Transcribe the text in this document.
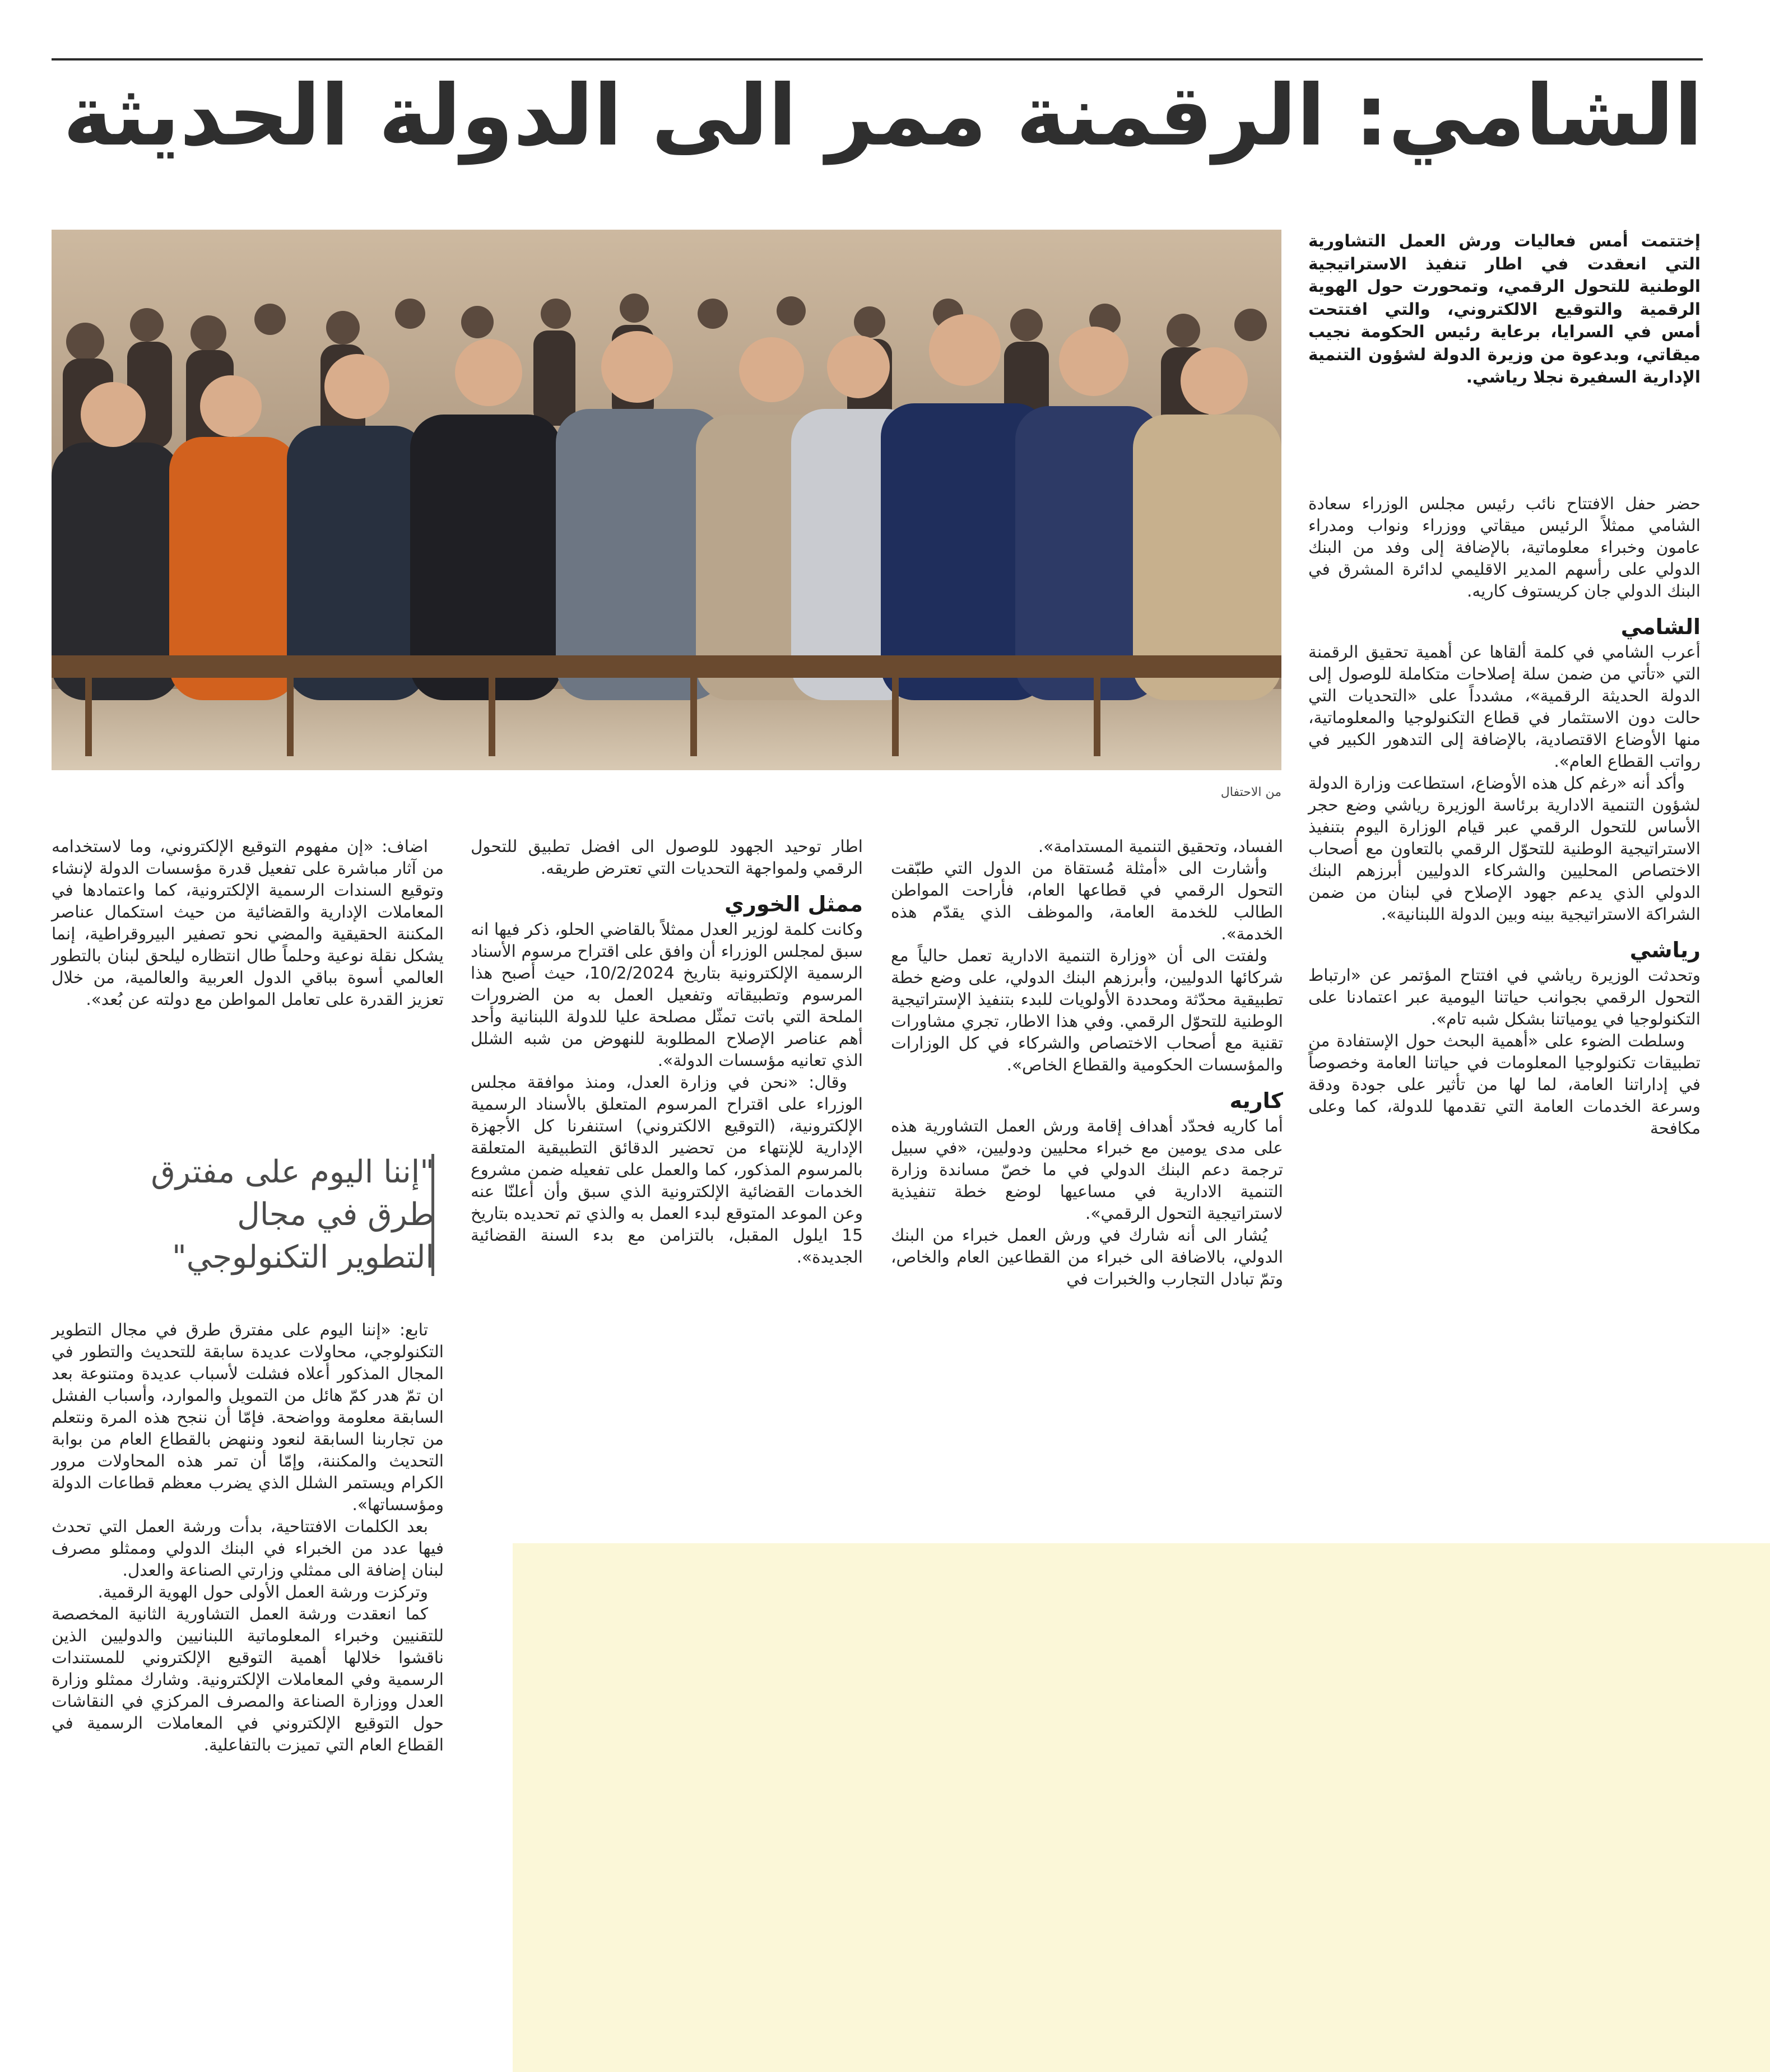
الشامي: الرقمنة ممر الى الدولة الحديثة
من الاحتفال

إختتمت أمس فعاليات ورش العمل التشاورية التي انعقدت في اطار تنفيذ الاستراتيجية الوطنية للتحول الرقمي، وتمحورت حول الهوية الرقمية والتوقيع الالكتروني، والتي افتتحت أمس في السرايا، برعاية رئيس الحكومة نجيب ميقاتي، وبدعوة من وزيرة الدولة لشؤون التنمية الإدارية السفيرة نجلا رياشي.

حضر حفل الافتتاح نائب رئيس مجلس الوزراء سعادة الشامي ممثلاً الرئيس ميقاتي ووزراء ونواب ومدراء عامون وخبراء معلوماتية، بالإضافة إلى وفد من البنك الدولي على رأسهم المدير الاقليمي لدائرة المشرق في البنك الدولي جان كريستوف كاريه.

الشامي

أعرب الشامي في كلمة ألقاها عن أهمية تحقيق الرقمنة التي «تأتي من ضمن سلة إصلاحات متكاملة للوصول إلى الدولة الحديثة الرقمية»، مشدداً على «التحديات التي حالت دون الاستثمار في قطاع التكنولوجيا والمعلوماتية، منها الأوضاع الاقتصادية، بالإضافة إلى التدهور الكبير في رواتب القطاع العام».

وأكد أنه «رغم كل هذه الأوضاع، استطاعت وزارة الدولة لشؤون التنمية الادارية برئاسة الوزيرة رياشي وضع حجر الأساس للتحول الرقمي عبر قيام الوزارة اليوم بتنفيذ الاستراتيجية الوطنية للتحوّل الرقمي بالتعاون مع أصحاب الاختصاص المحليين والشركاء الدوليين أبرزهم البنك الدولي الذي يدعم جهود الإصلاح في لبنان من ضمن الشراكة الاستراتيجية بينه وبين الدولة اللبنانية».

رياشي

وتحدثت الوزيرة رياشي في افتتاح المؤتمر عن «ارتباط التحول الرقمي بجوانب حياتنا اليومية عبر اعتمادنا على التكنولوجيا في يومياتنا بشكل شبه تام».

وسلطت الضوء على «أهمية البحث حول الإستفادة من تطبيقات تكنولوجيا المعلومات في حياتنا العامة وخصوصاً في إداراتنا العامة، لما لها من تأثير على جودة ودقة وسرعة الخدمات العامة التي تقدمها للدولة، كما وعلى مكافحة

الفساد، وتحقيق التنمية المستدامة».

وأشارت الى «أمثلة مُستقاة من الدول التي طبّقت التحول الرقمي في قطاعها العام، فأراحت المواطن الطالب للخدمة العامة، والموظف الذي يقدّم هذه الخدمة».

ولفتت الى أن «وزارة التنمية الادارية تعمل حالياً مع شركائها الدوليين، وأبرزهم البنك الدولي، على وضع خطة تطبيقية محدّثة ومحددة الأولويات للبدء بتنفيذ الإستراتيجية الوطنية للتحوّل الرقمي. وفي هذا الاطار، تجري مشاورات تقنية مع أصحاب الاختصاص والشركاء في كل الوزارات والمؤسسات الحكومية والقطاع الخاص».

كاريه

أما كاريه فحدّد أهداف إقامة ورش العمل التشاورية هذه على مدى يومين مع خبراء محليين ودوليين، «في سبيل ترجمة دعم البنك الدولي في ما خصّ مساندة وزارة التنمية الادارية في مساعيها لوضع خطة تنفيذية لاستراتيجية التحول الرقمي».

يُشار الى أنه شارك في ورش العمل خبراء من البنك الدولي، بالاضافة الى خبراء من القطاعين العام والخاص، وتمّ تبادل التجارب والخبرات في

اطار توحيد الجهود للوصول الى افضل تطبيق للتحول الرقمي ولمواجهة التحديات التي تعترض طريقه.

ممثل الخوري

وكانت كلمة لوزير العدل ممثلاً بالقاضي الحلو، ذكر فيها انه سبق لمجلس الوزراء أن وافق على اقتراح مرسوم الأسناد الرسمية الإلكترونية بتاريخ 10/2/2024، حيث أصبح هذا المرسوم وتطبيقاته وتفعيل العمل به من الضرورات الملحة التي باتت تمثّل مصلحة عليا للدولة اللبنانية وأحد أهم عناصر الإصلاح المطلوبة للنهوض من شبه الشلل الذي تعانيه مؤسسات الدولة».

وقال: «نحن في وزارة العدل، ومنذ موافقة مجلس الوزراء على اقتراح المرسوم المتعلق بالأسناد الرسمية الإلكترونية، (التوقيع الالكتروني) استنفرنا كل الأجهزة الإدارية للإنتهاء من تحضير الدقائق التطبيقية المتعلقة بالمرسوم المذكور، كما والعمل على تفعيله ضمن مشروع الخدمات القضائية الإلكترونية الذي سبق وأن أعلنّا عنه وعن الموعد المتوقع لبدء العمل به والذي تم تحديده بتاريخ 15 ايلول المقبل، بالتزامن مع بدء السنة القضائية الجديدة».

اضاف: «إن مفهوم التوقيع الإلكتروني، وما لاستخدامه من آثار مباشرة على تفعيل قدرة مؤسسات الدولة لإنشاء وتوقيع السندات الرسمية الإلكترونية، كما واعتمادها في المعاملات الإدارية والقضائية من حيث استكمال عناصر المكننة الحقيقية والمضي نحو تصفير البيروقراطية، إنما يشكل نقلة نوعية وحلماً طال انتظاره ليلحق لبنان بالتطور العالمي أسوة بباقي الدول العربية والعالمية، من خلال تعزيز القدرة على تعامل المواطن مع دولته عن بُعد».

"إننا اليوم على مفترق طرق في مجال التطوير التكنولوجي"

تابع: «إننا اليوم على مفترق طرق في مجال التطوير التكنولوجي، محاولات عديدة سابقة للتحديث والتطور في المجال المذكور أعلاه فشلت لأسباب عديدة ومتنوعة بعد ان تمّ هدر كمّ هائل من التمويل والموارد، وأسباب الفشل السابقة معلومة وواضحة. فإمّا أن ننجح هذه المرة ونتعلم من تجاربنا السابقة لنعود وننهض بالقطاع العام من بوابة التحديث والمكننة، وإمّا أن تمر هذه المحاولات مرور الكرام ويستمر الشلل الذي يضرب معظم قطاعات الدولة ومؤسساتها».

بعد الكلمات الافتتاحية، بدأت ورشة العمل التي تحدث فيها عدد من الخبراء في البنك الدولي وممثلو مصرف لبنان إضافة الى ممثلي وزارتي الصناعة والعدل.

وتركزت ورشة العمل الأولى حول الهوية الرقمية.

كما انعقدت ورشة العمل التشاورية الثانية المخصصة للتقنيين وخبراء المعلوماتية اللبنانيين والدوليين الذين ناقشوا خلالها أهمية التوقيع الإلكتروني للمستندات الرسمية وفي المعاملات الإلكترونية. وشارك ممثلو وزارة العدل ووزارة الصناعة والمصرف المركزي في النقاشات حول التوقيع الإلكتروني في المعاملات الرسمية في القطاع العام التي تميزت بالتفاعلية.
